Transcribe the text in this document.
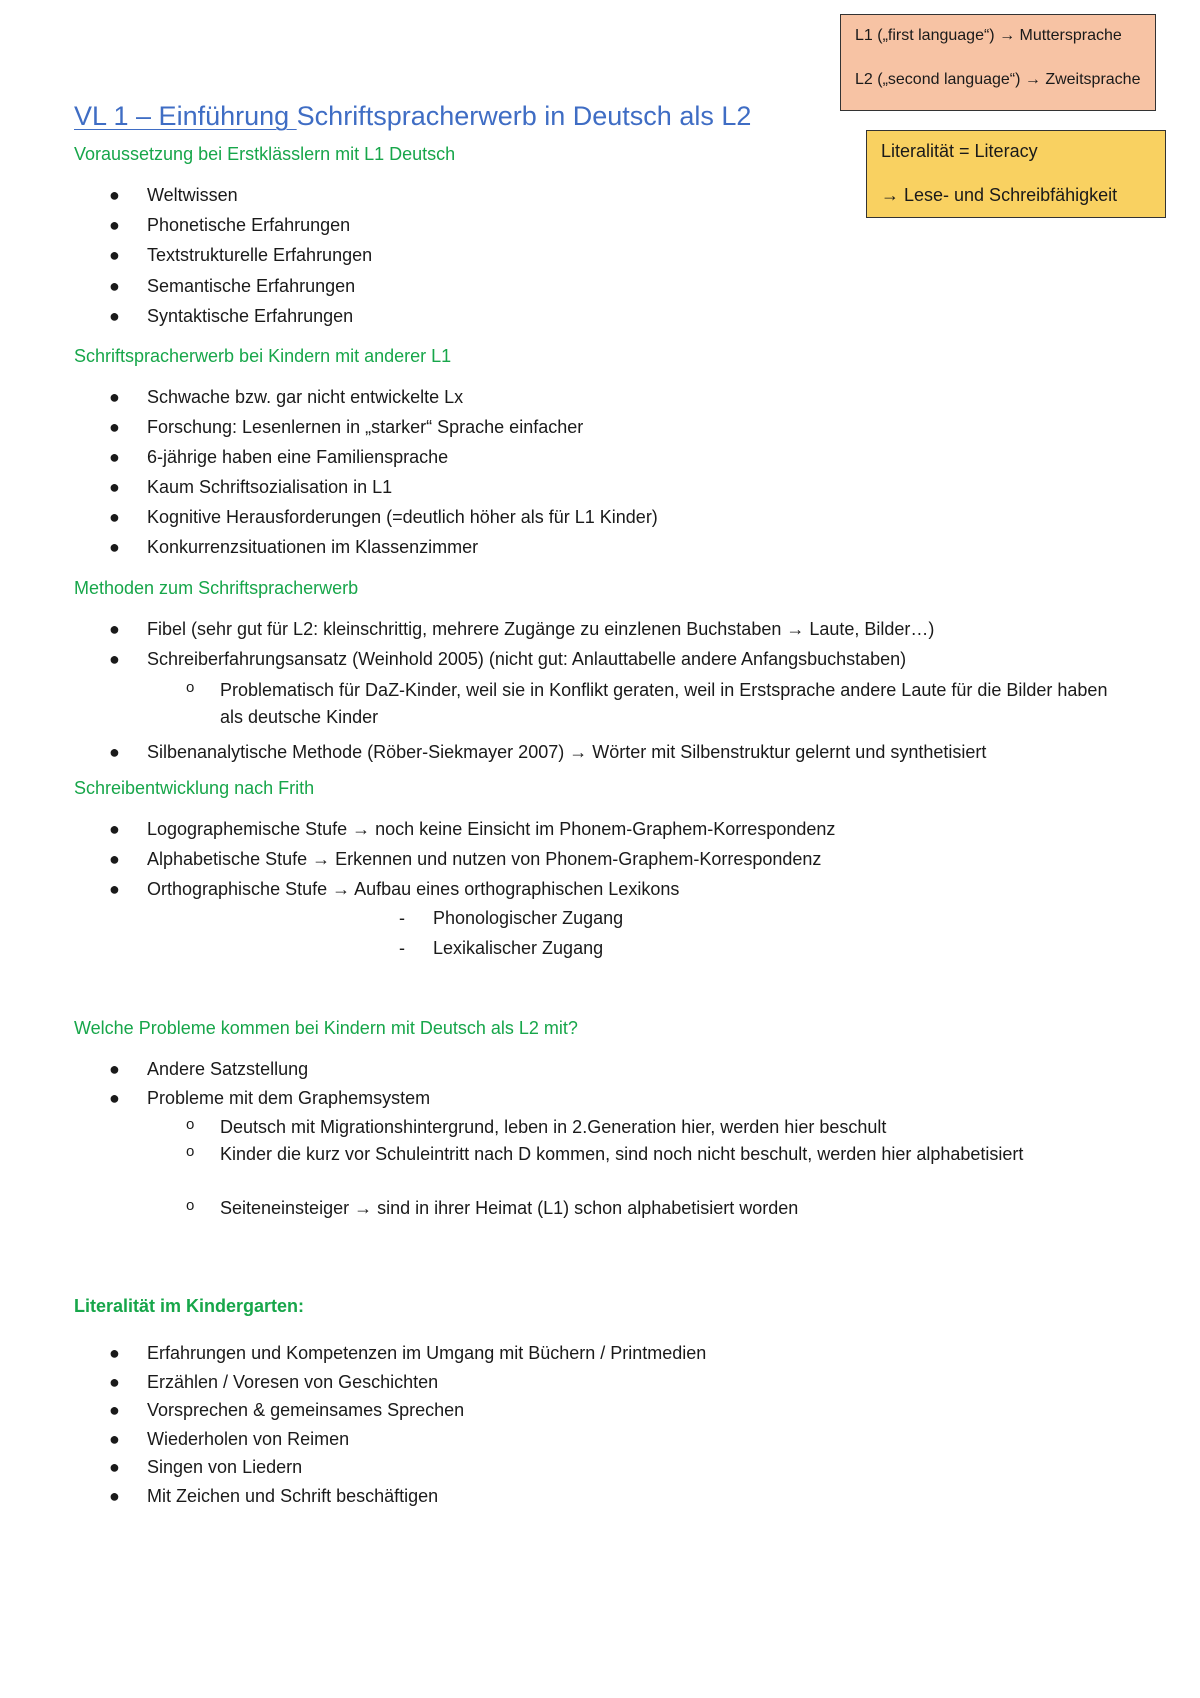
L1 („first language“) → Muttersprache
L2 („second language“) → Zweitsprache
Literalität = Literacy
→ Lese- und Schreibfähigkeit
VL 1 – Einführung Schriftspracherwerb in Deutsch als L2
Voraussetzung bei Erstklässlern mit L1 Deutsch
● Weltwissen
● Phonetische Erfahrungen
● Textstrukturelle Erfahrungen
● Semantische Erfahrungen
● Syntaktische Erfahrungen
Schriftspracherwerb bei Kindern mit anderer L1
● Schwache bzw. gar nicht entwickelte Lx
● Forschung: Lesenlernen in „starker“ Sprache einfacher
● 6-jährige haben eine Familiensprache
● Kaum Schriftsozialisation in L1
● Kognitive Herausforderungen (=deutlich höher als für L1 Kinder)
● Konkurrenzsituationen im Klassenzimmer
Methoden zum Schriftspracherwerb
● Fibel (sehr gut für L2: kleinschrittig, mehrere Zugänge zu einzlenen Buchstaben → Laute, Bilder…)
● Schreiberfahrungsansatz (Weinhold 2005) (nicht gut: Anlauttabelle andere Anfangsbuchstaben)
o Problematisch für DaZ-Kinder, weil sie in Konflikt geraten, weil in Erstsprache andere Laute für die Bilder haben als deutsche Kinder
● Silbenanalytische Methode (Röber-Siekmayer 2007) → Wörter mit Silbenstruktur gelernt und synthetisiert
Schreibentwicklung nach Frith
● Logographemische Stufe → noch keine Einsicht im Phonem-Graphem-Korrespondenz
● Alphabetische Stufe → Erkennen und nutzen von Phonem-Graphem-Korrespondenz
● Orthographische Stufe → Aufbau eines orthographischen Lexikons
- Phonologischer Zugang
- Lexikalischer Zugang
Welche Probleme kommen bei Kindern mit Deutsch als L2 mit?
● Andere Satzstellung
● Probleme mit dem Graphemsystem
o Deutsch mit Migrationshintergrund, leben in 2.Generation hier, werden hier beschult
o Kinder die kurz vor Schuleintritt nach D kommen, sind noch nicht beschult, werden hier alphabetisiert
o Seiteneinsteiger → sind in ihrer Heimat (L1) schon alphabetisiert worden
Literalität im Kindergarten:
● Erfahrungen und Kompetenzen im Umgang mit Büchern / Printmedien
● Erzählen / Voresen von Geschichten
● Vorsprechen & gemeinsames Sprechen
● Wiederholen von Reimen
● Singen von Liedern
● Mit Zeichen und Schrift beschäftigen
